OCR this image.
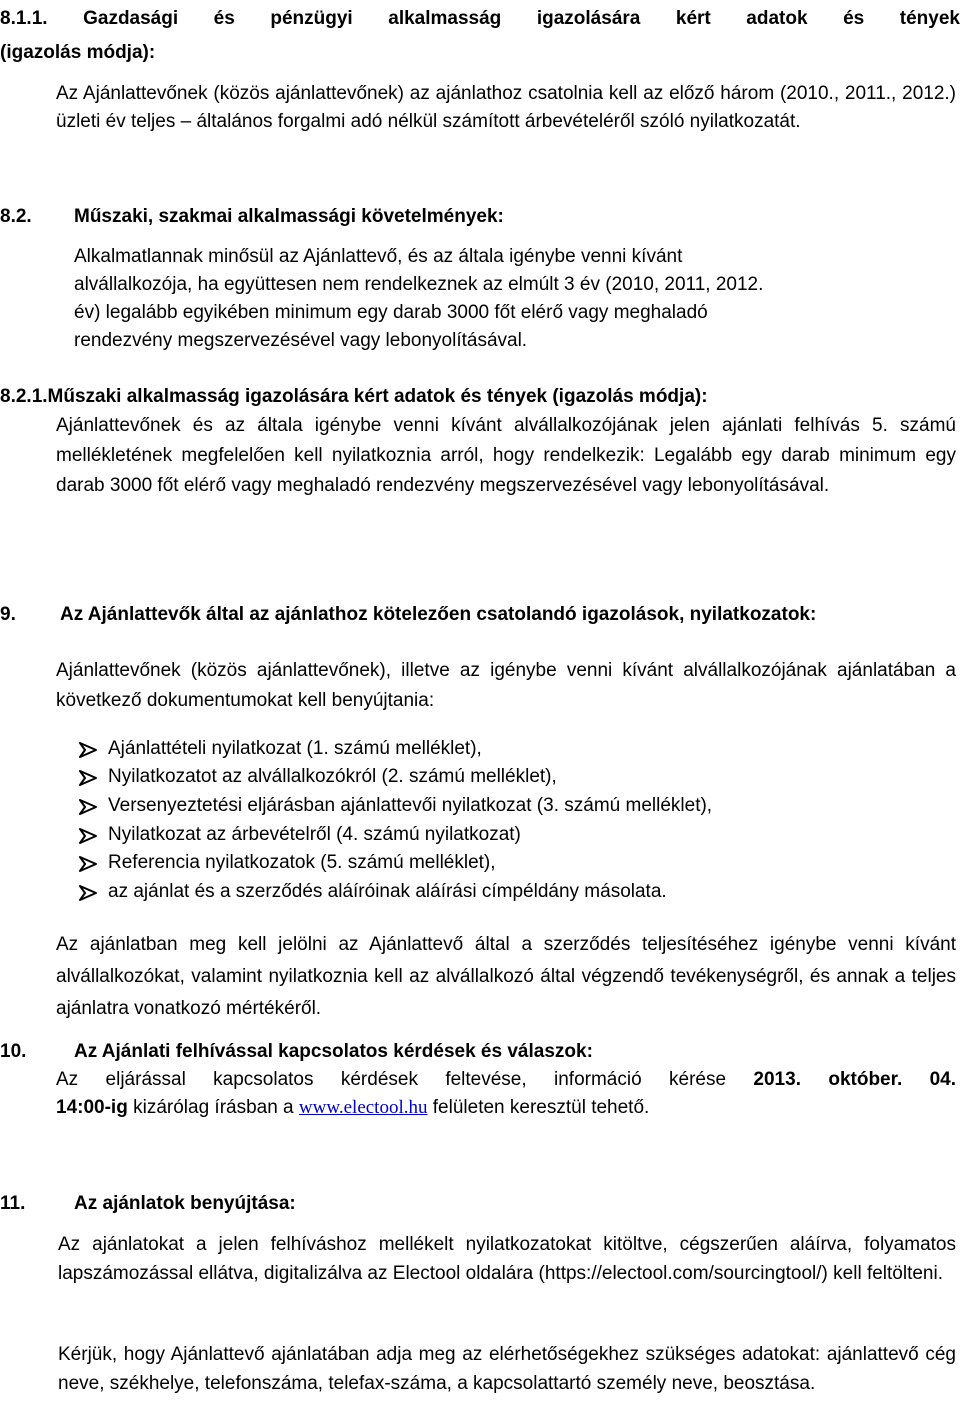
8.1.1. Gazdasági és pénzügyi alkalmasság igazolására kért adatok és tények

(igazolás módja):

Az Ajánlattevőnek (közös ajánlattevőnek) az ajánlathoz csatolnia kell az előző három (2010., 2011., 2012.) üzleti év teljes – általános forgalmi adó nélkül számított árbevételéről szóló nyilatkozatát.

8.2. Műszaki, szakmai alkalmassági követelmények:

Alkalmatlannak minősül az Ajánlattevő, és az általa igénybe venni kívánt

alvállalkozója, ha együttesen nem rendelkeznek az elmúlt 3 év (2010, 2011, 2012.

év) legalább egyikében minimum egy darab 3000 főt elérő vagy meghaladó

rendezvény megszervezésével vagy lebonyolításával.

8.2.1.Műszaki alkalmasság igazolására kért adatok és tények (igazolás módja):

Ajánlattevőnek és az általa igénybe venni kívánt alvállalkozójának jelen ajánlati felhívás 5. számú mellékletének megfelelően kell nyilatkoznia arról, hogy rendelkezik: Legalább egy darab minimum egy darab 3000 főt elérő vagy meghaladó rendezvény megszervezésével vagy lebonyolításával.

9. Az Ajánlattevők által az ajánlathoz kötelezően csatolandó igazolások, nyilatkozatok:

Ajánlattevőnek (közös ajánlattevőnek), illetve az igénybe venni kívánt alvállalkozójának ajánlatában a következő dokumentumokat kell benyújtania:

Ajánlattételi nyilatkozat (1. számú melléklet),
Nyilatkozatot az alvállalkozókról (2. számú melléklet),
Versenyeztetési eljárásban ajánlattevői nyilatkozat (3. számú melléklet),
Nyilatkozat az árbevételről (4. számú nyilatkozat)
Referencia nyilatkozatok (5. számú melléklet),
az ajánlat és a szerződés aláíróinak aláírási címpéldány másolata.

Az ajánlatban meg kell jelölni az Ajánlattevő által a szerződés teljesítéséhez igénybe venni kívánt alvállalkozókat, valamint nyilatkoznia kell az alvállalkozó által végzendő tevékenységről, és annak a teljes ajánlatra vonatkozó mértékéről.

10.	Az Ajánlati felhívással kapcsolatos kérdések és válaszok:

Az eljárással kapcsolatos kérdések feltevése, információ kérése 2013. október. 04.

14:00-ig kizárólag írásban a www.electool.hu felületen keresztül tehető.

11.	Az ajánlatok benyújtása:

Az ajánlatokat a jelen felhíváshoz mellékelt nyilatkozatokat kitöltve, cégszerűen aláírva, folyamatos lapszámozással ellátva, digitalizálva az Electool oldalára (https://electool.com/sourcingtool/) kell feltölteni.

Kérjük, hogy Ajánlattevő ajánlatában adja meg az elérhetőségekhez szükséges adatokat: ajánlattevő cég neve, székhelye, telefonszáma, telefax-száma, a kapcsolattartó személy neve, beosztása.
